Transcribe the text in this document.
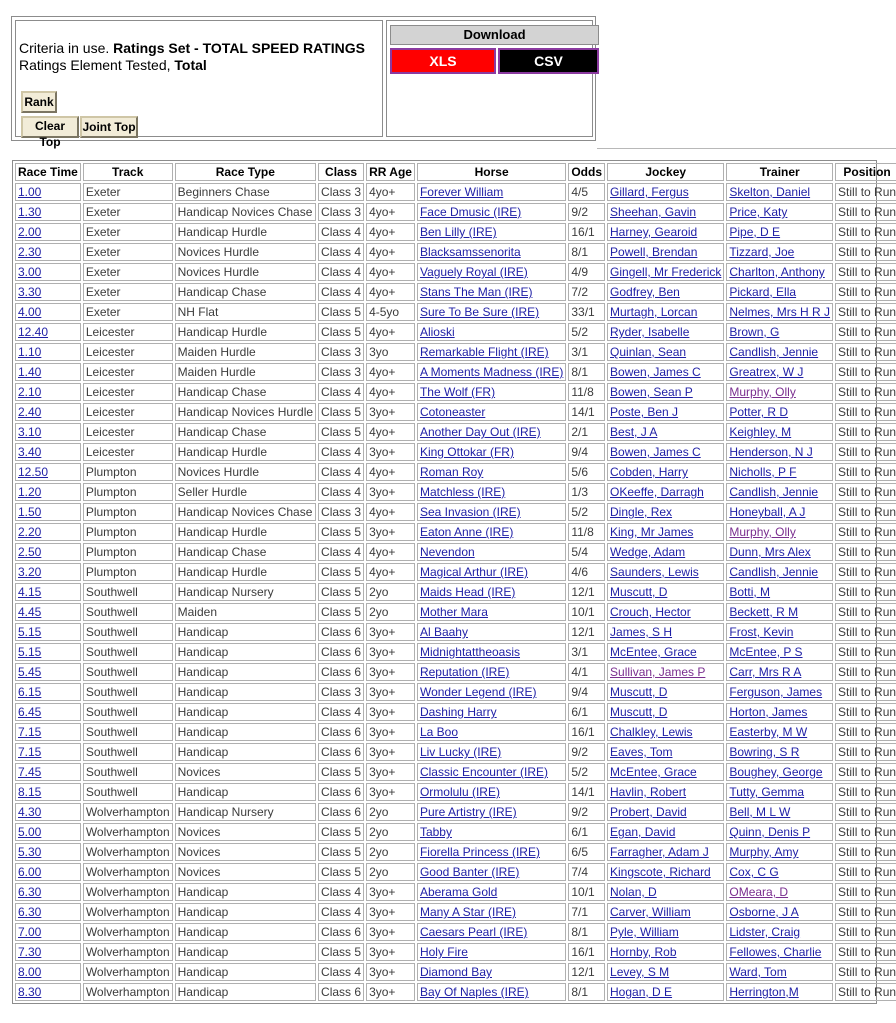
Criteria in use. Ratings Set - TOTAL SPEED RATINGS
Ratings Element Tested, Total
Rank
Clear Top
Joint Top
Download
XLS	CSV
Race Time	Track	Race Type	Class	RR Age	Horse	Odds	Jockey	Trainer	Position
1.00	Exeter	Beginners Chase	Class 3	4yo+	Forever William	4/5	Gillard, Fergus	Skelton, Daniel	Still to Run
1.30	Exeter	Handicap Novices Chase	Class 3	4yo+	Face Dmusic (IRE)	9/2	Sheehan, Gavin	Price, Katy	Still to Run
2.00	Exeter	Handicap Hurdle	Class 4	4yo+	Ben Lilly (IRE)	16/1	Harney, Gearoid	Pipe, D E	Still to Run
2.30	Exeter	Novices Hurdle	Class 4	4yo+	Blacksamssenorita	8/1	Powell, Brendan	Tizzard, Joe	Still to Run
3.00	Exeter	Novices Hurdle	Class 4	4yo+	Vaguely Royal (IRE)	4/9	Gingell, Mr Frederick	Charlton, Anthony	Still to Run
3.30	Exeter	Handicap Chase	Class 4	4yo+	Stans The Man (IRE)	7/2	Godfrey, Ben	Pickard, Ella	Still to Run
4.00	Exeter	NH Flat	Class 5	4-5yo	Sure To Be Sure (IRE)	33/1	Murtagh, Lorcan	Nelmes, Mrs H R J	Still to Run
12.40	Leicester	Handicap Hurdle	Class 5	4yo+	Alioski	5/2	Ryder, Isabelle	Brown, G	Still to Run
1.10	Leicester	Maiden Hurdle	Class 3	3yo	Remarkable Flight (IRE)	3/1	Quinlan, Sean	Candlish, Jennie	Still to Run
1.40	Leicester	Maiden Hurdle	Class 3	4yo+	A Moments Madness (IRE)	8/1	Bowen, James C	Greatrex, W J	Still to Run
2.10	Leicester	Handicap Chase	Class 4	4yo+	The Wolf (FR)	11/8	Bowen, Sean P	Murphy, Olly	Still to Run
2.40	Leicester	Handicap Novices Hurdle	Class 5	3yo+	Cotoneaster	14/1	Poste, Ben J	Potter, R D	Still to Run
3.10	Leicester	Handicap Chase	Class 5	4yo+	Another Day Out (IRE)	2/1	Best, J A	Keighley, M	Still to Run
3.40	Leicester	Handicap Hurdle	Class 4	3yo+	King Ottokar (FR)	9/4	Bowen, James C	Henderson, N J	Still to Run
12.50	Plumpton	Novices Hurdle	Class 4	4yo+	Roman Roy	5/6	Cobden, Harry	Nicholls, P F	Still to Run
1.20	Plumpton	Seller Hurdle	Class 4	3yo+	Matchless (IRE)	1/3	OKeeffe, Darragh	Candlish, Jennie	Still to Run
1.50	Plumpton	Handicap Novices Chase	Class 3	4yo+	Sea Invasion (IRE)	5/2	Dingle, Rex	Honeyball, A J	Still to Run
2.20	Plumpton	Handicap Hurdle	Class 5	3yo+	Eaton Anne (IRE)	11/8	King, Mr James	Murphy, Olly	Still to Run
2.50	Plumpton	Handicap Chase	Class 4	4yo+	Nevendon	5/4	Wedge, Adam	Dunn, Mrs Alex	Still to Run
3.20	Plumpton	Handicap Hurdle	Class 5	4yo+	Magical Arthur (IRE)	4/6	Saunders, Lewis	Candlish, Jennie	Still to Run
4.15	Southwell	Handicap Nursery	Class 5	2yo	Maids Head (IRE)	12/1	Muscutt, D	Botti, M	Still to Run
4.45	Southwell	Maiden	Class 5	2yo	Mother Mara	10/1	Crouch, Hector	Beckett, R M	Still to Run
5.15	Southwell	Handicap	Class 6	3yo+	Al Baahy	12/1	James, S H	Frost, Kevin	Still to Run
5.15	Southwell	Handicap	Class 6	3yo+	Midnightattheoasis	3/1	McEntee, Grace	McEntee, P S	Still to Run
5.45	Southwell	Handicap	Class 6	3yo+	Reputation (IRE)	4/1	Sullivan, James P	Carr, Mrs R A	Still to Run
6.15	Southwell	Handicap	Class 3	3yo+	Wonder Legend (IRE)	9/4	Muscutt, D	Ferguson, James	Still to Run
6.45	Southwell	Handicap	Class 4	3yo+	Dashing Harry	6/1	Muscutt, D	Horton, James	Still to Run
7.15	Southwell	Handicap	Class 6	3yo+	La Boo	16/1	Chalkley, Lewis	Easterby, M W	Still to Run
7.15	Southwell	Handicap	Class 6	3yo+	Liv Lucky (IRE)	9/2	Eaves, Tom	Bowring, S R	Still to Run
7.45	Southwell	Novices	Class 5	3yo+	Classic Encounter (IRE)	5/2	McEntee, Grace	Boughey, George	Still to Run
8.15	Southwell	Handicap	Class 6	3yo+	Ormolulu (IRE)	14/1	Havlin, Robert	Tutty, Gemma	Still to Run
4.30	Wolverhampton	Handicap Nursery	Class 6	2yo	Pure Artistry (IRE)	9/2	Probert, David	Bell, M L W	Still to Run
5.00	Wolverhampton	Novices	Class 5	2yo	Tabby	6/1	Egan, David	Quinn, Denis P	Still to Run
5.30	Wolverhampton	Novices	Class 5	2yo	Fiorella Princess (IRE)	6/5	Farragher, Adam J	Murphy, Amy	Still to Run
6.00	Wolverhampton	Novices	Class 5	2yo	Good Banter (IRE)	7/4	Kingscote, Richard	Cox, C G	Still to Run
6.30	Wolverhampton	Handicap	Class 4	3yo+	Aberama Gold	10/1	Nolan, D	OMeara, D	Still to Run
6.30	Wolverhampton	Handicap	Class 4	3yo+	Many A Star (IRE)	7/1	Carver, William	Osborne, J A	Still to Run
7.00	Wolverhampton	Handicap	Class 6	3yo+	Caesars Pearl (IRE)	8/1	Pyle, William	Lidster, Craig	Still to Run
7.30	Wolverhampton	Handicap	Class 5	3yo+	Holy Fire	16/1	Hornby, Rob	Fellowes, Charlie	Still to Run
8.00	Wolverhampton	Handicap	Class 4	3yo+	Diamond Bay	12/1	Levey, S M	Ward, Tom	Still to Run
8.30	Wolverhampton	Handicap	Class 6	3yo+	Bay Of Naples (IRE)	8/1	Hogan, D E	Herrington,M	Still to Run
